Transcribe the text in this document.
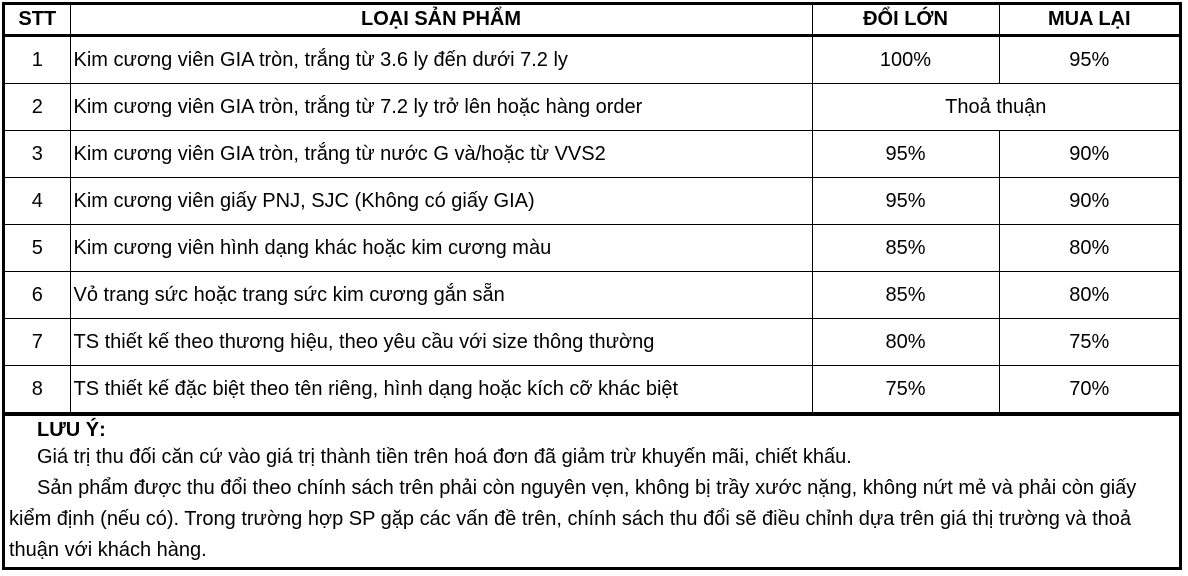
STT	LOẠI SẢN PHẨM	ĐỔI LỚN	MUA LẠI
1	Kim cương viên GIA tròn, trắng từ 3.6 ly đến dưới 7.2 ly	100%	95%
2	Kim cương viên GIA tròn, trắng từ 7.2 ly trở lên hoặc hàng order	Thoả thuận	
3	Kim cương viên GIA tròn, trắng từ nước G và/hoặc từ VVS2	95%	90%
4	Kim cương viên giấy PNJ, SJC (Không có giấy GIA)	95%	90%
5	Kim cương viên hình dạng khác hoặc kim cương màu	85%	80%
6	Vỏ trang sức hoặc trang sức kim cương gắn sẵn	85%	80%
7	TS thiết kế theo thương hiệu, theo yêu cầu với size thông thường	80%	75%
8	TS thiết kế đặc biệt theo tên riêng, hình dạng hoặc kích cỡ khác biệt	75%	70%
LƯU Ý:

Giá trị thu đối căn cứ vào giá trị thành tiền trên hoá đơn đã giảm trừ khuyến mãi, chiết khấu.

Sản phẩm được thu đổi theo chính sách trên phải còn nguyên vẹn, không bị trầy xước nặng, không nứt mẻ và phải còn giấy kiểm định (nếu có). Trong trường hợp SP gặp các vấn đề trên, chính sách thu đổi sẽ điều chỉnh dựa trên giá thị trường và thoả thuận với khách hàng.
